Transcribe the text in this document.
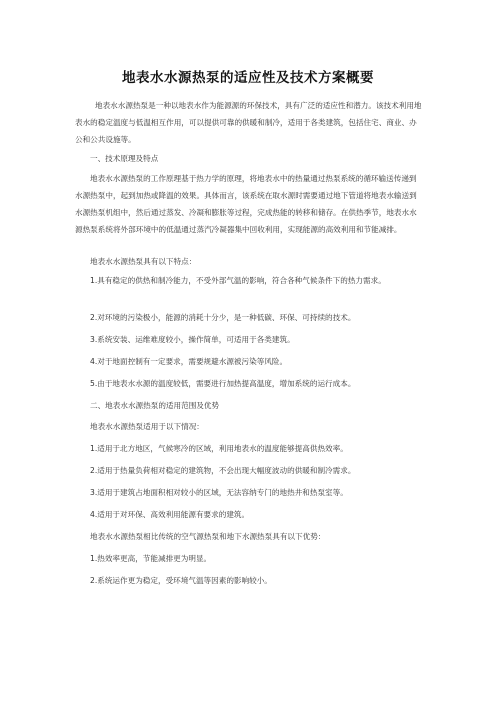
地表水水源热泵的适应性及技术方案概要
地表水水源热泵是一种以地表水作为能源源的环保技术，具有广泛的适应性和潜力。该技术利用地表水的稳定温度与低温相互作用，可以提供可靠的供暖和制冷，适用于各类建筑，包括住宅、商业、办公和公共设施等。
一、技术原理及特点
地表水水源热泵的工作原理基于热力学的原理，将地表水中的热量通过热泵系统的循环输送传递到水源热泵中，起到加热或降温的效果。具体而言，该系统在取水源时需要通过地下管道将地表水输送到水源热泵机组中，然后通过蒸发、冷凝和膨胀等过程，完成热能的转移和储存。在供热季节，地表水水源热泵系统将外部环境中的低温通过蒸汽冷凝器集中回收利用，实现能源的高效利用和节能减排。
地表水水源热泵具有以下特点：
1.具有稳定的供热和制冷能力，不受外部气温的影响，符合各种气候条件下的热力需求。
2.对环境的污染极小，能源的消耗十分少，是一种低碳、环保、可持续的技术。
3.系统安装、运维难度较小，操作简单，可适用于各类建筑。
4.对于地面控制有一定要求，需要规避水源被污染等风险。
5.由于地表水水源的温度较低，需要进行加热提高温度，增加系统的运行成本。
二、地表水水源热泵的适用范围及优势
地表水水源热泵适用于以下情况：
1.适用于北方地区，气候寒冷的区域，利用地表水的温度能够提高供热效率。
2.适用于热量负荷相对稳定的建筑物，不会出现大幅度波动的供暖和制冷需求。
3.适用于建筑占地面积相对较小的区域，无法容纳专门的地热井和热泵室等。
4.适用于对环保、高效利用能源有要求的建筑。
地表水水源热泵相比传统的空气源热泵和地下水源热泵具有以下优势：
1.热效率更高，节能减排更为明显。
2.系统运作更为稳定，受环境气温等因素的影响较小。
